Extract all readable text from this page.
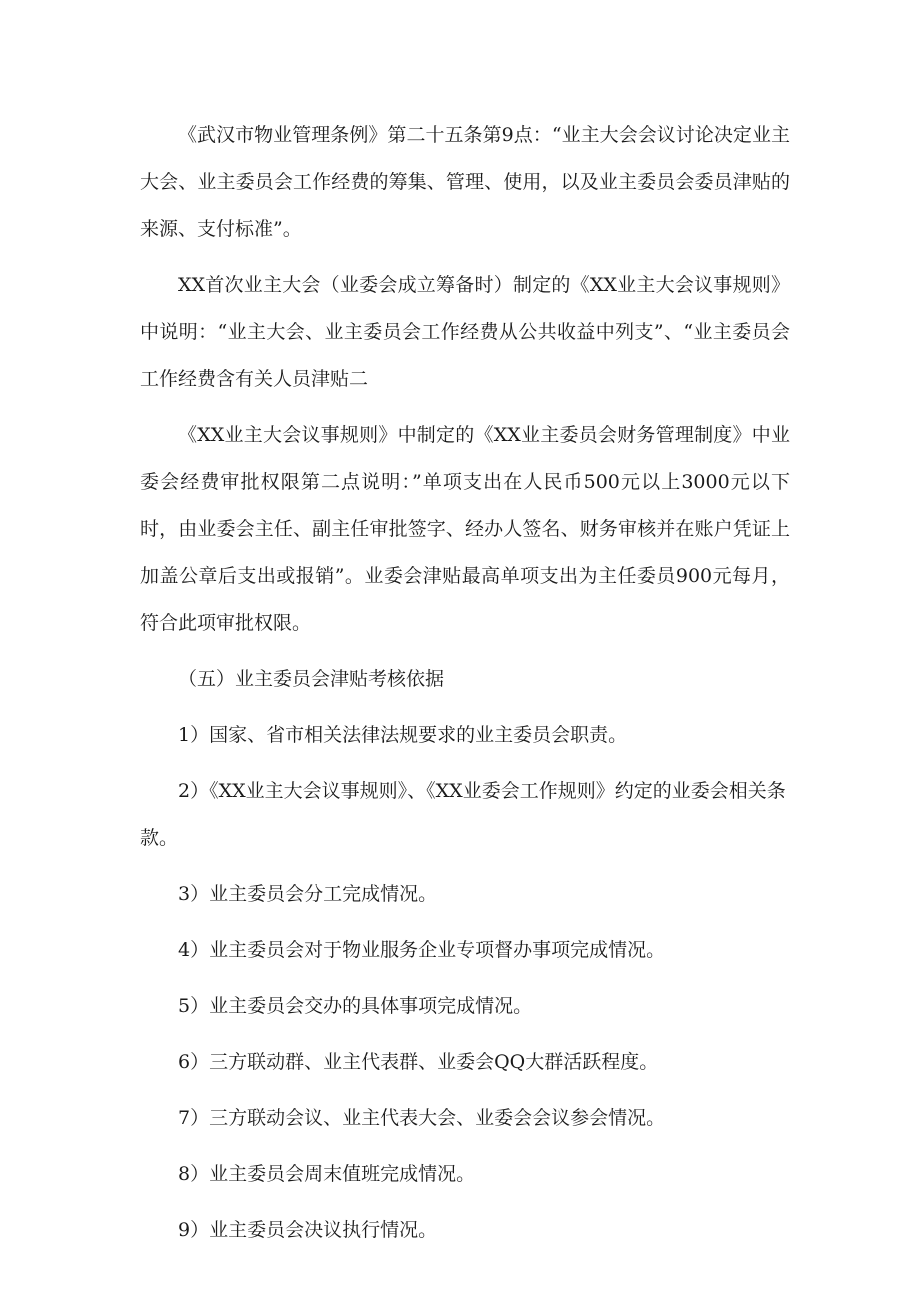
《武汉市物业管理条例》第二十五条第9点：“业主大会会议讨论决定业主大会、业主委员会工作经费的筹集、管理、使用，以及业主委员会委员津贴的来源、支付标准”。

XX首次业主大会（业委会成立筹备时）制定的《XX业主大会议事规则》中说明：“业主大会、业主委员会工作经费从公共收益中列支”、“业主委员会工作经费含有关人员津贴二

《XX业主大会议事规则》中制定的《XX业主委员会财务管理制度》中业委会经费审批权限第二点说明：”单项支出在人民币500元以上3000元以下时，由业委会主任、副主任审批签字、经办人签名、财务审核并在账户凭证上加盖公章后支出或报销”。业委会津贴最高单项支出为主任委员900元每月，符合此项审批权限。

（五）业主委员会津贴考核依据

1）国家、省市相关法律法规要求的业主委员会职责。

2）《XX业主大会议事规则》、《XX业委会工作规则》约定的业委会相关条款。

3）业主委员会分工完成情况。

4）业主委员会对于物业服务企业专项督办事项完成情况。

5）业主委员会交办的具体事项完成情况。

6）三方联动群、业主代表群、业委会QQ大群活跃程度。

7）三方联动会议、业主代表大会、业委会会议参会情况。

8）业主委员会周末值班完成情况。

9）业主委员会决议执行情况。
